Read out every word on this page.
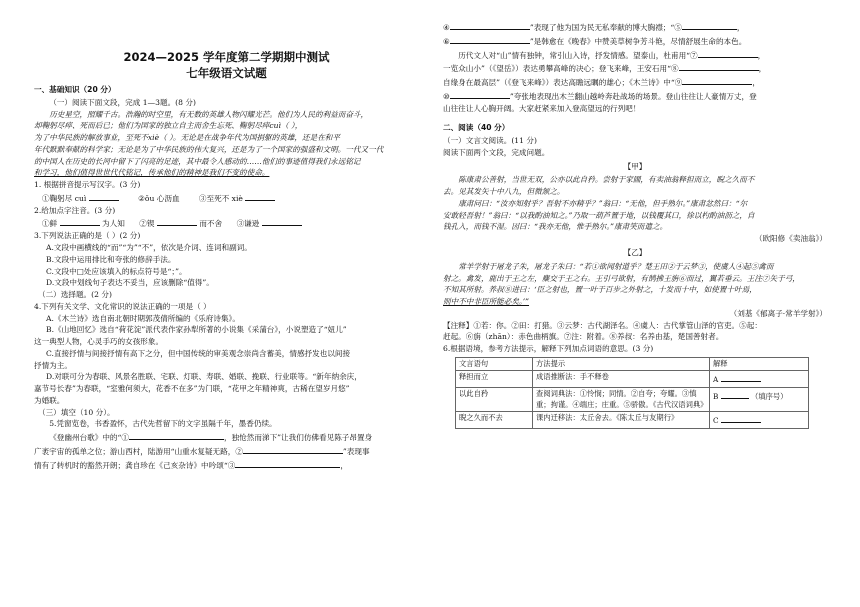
2024—2025 学年度第二学期期中测试

七年级语文试题

一、基础知识（20 分）

（一）阅读下面文段，完成 1—3题。(8 分)

历史星空，照耀千古。浩瀚的时空里，有无数的英雄人物闪耀光芒。他们为人民的利益而奋斗，

却鞠躬尽瘁、死而后已；他们为国家的独立自主而舍生忘死、鞠躬尽瘁cuì（ ），

为了中华民族的解放事业，至死不xiè（ ）。无论是在战争年代为国捐躯的英雄，还是在和平

年代默默奉献的科学家；无论是为了中华民族的伟大复兴，还是为了一个国家的强盛和文明。一代又一代

的中国人在历史的长河中留下了闪亮的足迹，其中最令人感动的……他们的事迹值得我们永远铭记

和学习，他们值得世世代代铭记，传承他们的精神是我们不变的使命。

1. 根据拼音提示写汉字。(3 分)

①鞠躬尽 cuì	②ǒu 心沥血	③至死不 xiè

2.给加点字注音。(3 分)

①鲜	为人知 ②锲	而不舍 ③谦逊

3.下列说法正确的是（ ）(2 分)

A.文段中画横线的“而”“为”“不”，依次是介词、连词和副词。

B.文段中运用排比和夸张的修辞手法。

C.文段中□处应该填入的标点符号是“；”。

D.文段中划线句子表达不妥当，应该删除“值得”。

（二）选择题。(2 分)

4.下列有关文学、文化常识的说法正确的一项是（ ）

A.《木兰诗》选自南北朝时期郭茂倩所编的《乐府诗集》。

B.《山地回忆》选自“荷花淀”派代表作家孙犁所著的小说集《采蒲台》，小说塑造了“妞儿”

这一典型人物，心灵手巧的女孩形象。

C.直接抒情与间接抒情有高下之分，但中国传统的审美观念崇尚含蓄美，情感抒发也以间接

抒情为主。

D.对联可分为春联、风景名胜联、宅联、灯联、寿联、婚联、挽联、行业联等。“新年纳余庆，

嘉节号长春”为春联，“室雅何须大，花香不在多”为门联，“花甲之年精神爽，古稀在望岁月悠”

为婚联。

（三）填空（10 分）。

5.凭窗览卷，书香盈怀，古代先哲留下的文字虽隔千年，墨香仍续。

《登幽州台歌》中的“①	，独怆然而涕下”让我们仿佛看见陈子昂置身

广袤宇宙的孤单之位；游山西村，陆游用“山重水复疑无路，②	”表现事

情有了转机时的豁然开朗；龚自珍在《己亥杂诗》中吟颂“③	，

④	”表现了他为国为民无私奉献的博大胸襟；“⑤	，

⑥	”是韩愈在《晚春》中赞美草树争芳斗艳，尽情舒展生命的本色。

历代文人对“山”情有独钟，常引山入诗，抒发情感。望泰山，杜甫用“⑦	，

一览众山小”（《望岳》）表达勇攀高峰的决心；登飞来峰，王安石用“⑧	，

自缘身在最高层”（《登飞来峰》）表达高瞻远瞩的雄心；《木兰诗》中“⑨	，

⑩	”夸张地表现出木兰翻山越岭奔赴战场的场景。登山往往让人豪情万丈，登

山往往让人心胸开阔。大家赶紧来加入登高望远的行列吧！

二、阅读（40 分）

（一）文言文阅读。(11 分)

阅读下面两个文段，完成问题。

【甲】

陈康肃公善射，当世无双，公亦以此自矜。尝射于家圃，有卖油翁释担而立，睨之久而不

去。见其发矢十中八九，但微颔之。

康肃问曰：“汝亦知射乎？吾射不亦精乎？”翁曰：“无他，但手熟尔。”康肃忿然曰：“尔

安敢轻吾射！”翁曰：“以我酌油知之。”乃取一葫芦置于地，以钱覆其口，徐以杓酌油沥之，自

钱孔入，而钱不湿。因曰：“我亦无他，惟手熟尔。”康肃笑而遣之。

（欧阳修《卖油翁》）

【乙】

常羊学射于屠龙子朱，屠龙子朱曰：“若①欲闻射道乎？楚王田②于云梦③，使虞人④起⑤禽而

射之。禽发，鹿出于王之左，麋交于王之右。王引弓欲射，有鹄拂王旃⑥而过，翼若垂云。王注⑦矢于弓，

不知其所射。养叔⑧进曰：‘臣之射也，置一叶于百步之外射之，十发而十中，如使置十叶焉，

则中不中非臣所能必矣。’”

（刘基《郁离子·常羊学射》）

【注释】①若：你。②田：打猎。③云梦：古代湖泽名。④虞人：古代掌管山泽的官吏。⑤起：

赶起。⑥旃（zhān）：赤色曲柄旗。⑦注：附着。⑧养叔：名养由基，楚国善射者。

6.根据语境，参考方法提示，解释下列加点词语的意思。(3 分)

文言语句	方法提示	解释
释担而立	成语推断法：手不释卷	A
以此自矜	查阅词典法：①怜悯；同情。②自夸；夸耀。③慎重；拘谨。④端庄；庄重。⑤骄傲。《古代汉语词典》	B （填序号）
睨之久而不去	课内迁移法：太丘舍去。《陈太丘与友期行》	C
